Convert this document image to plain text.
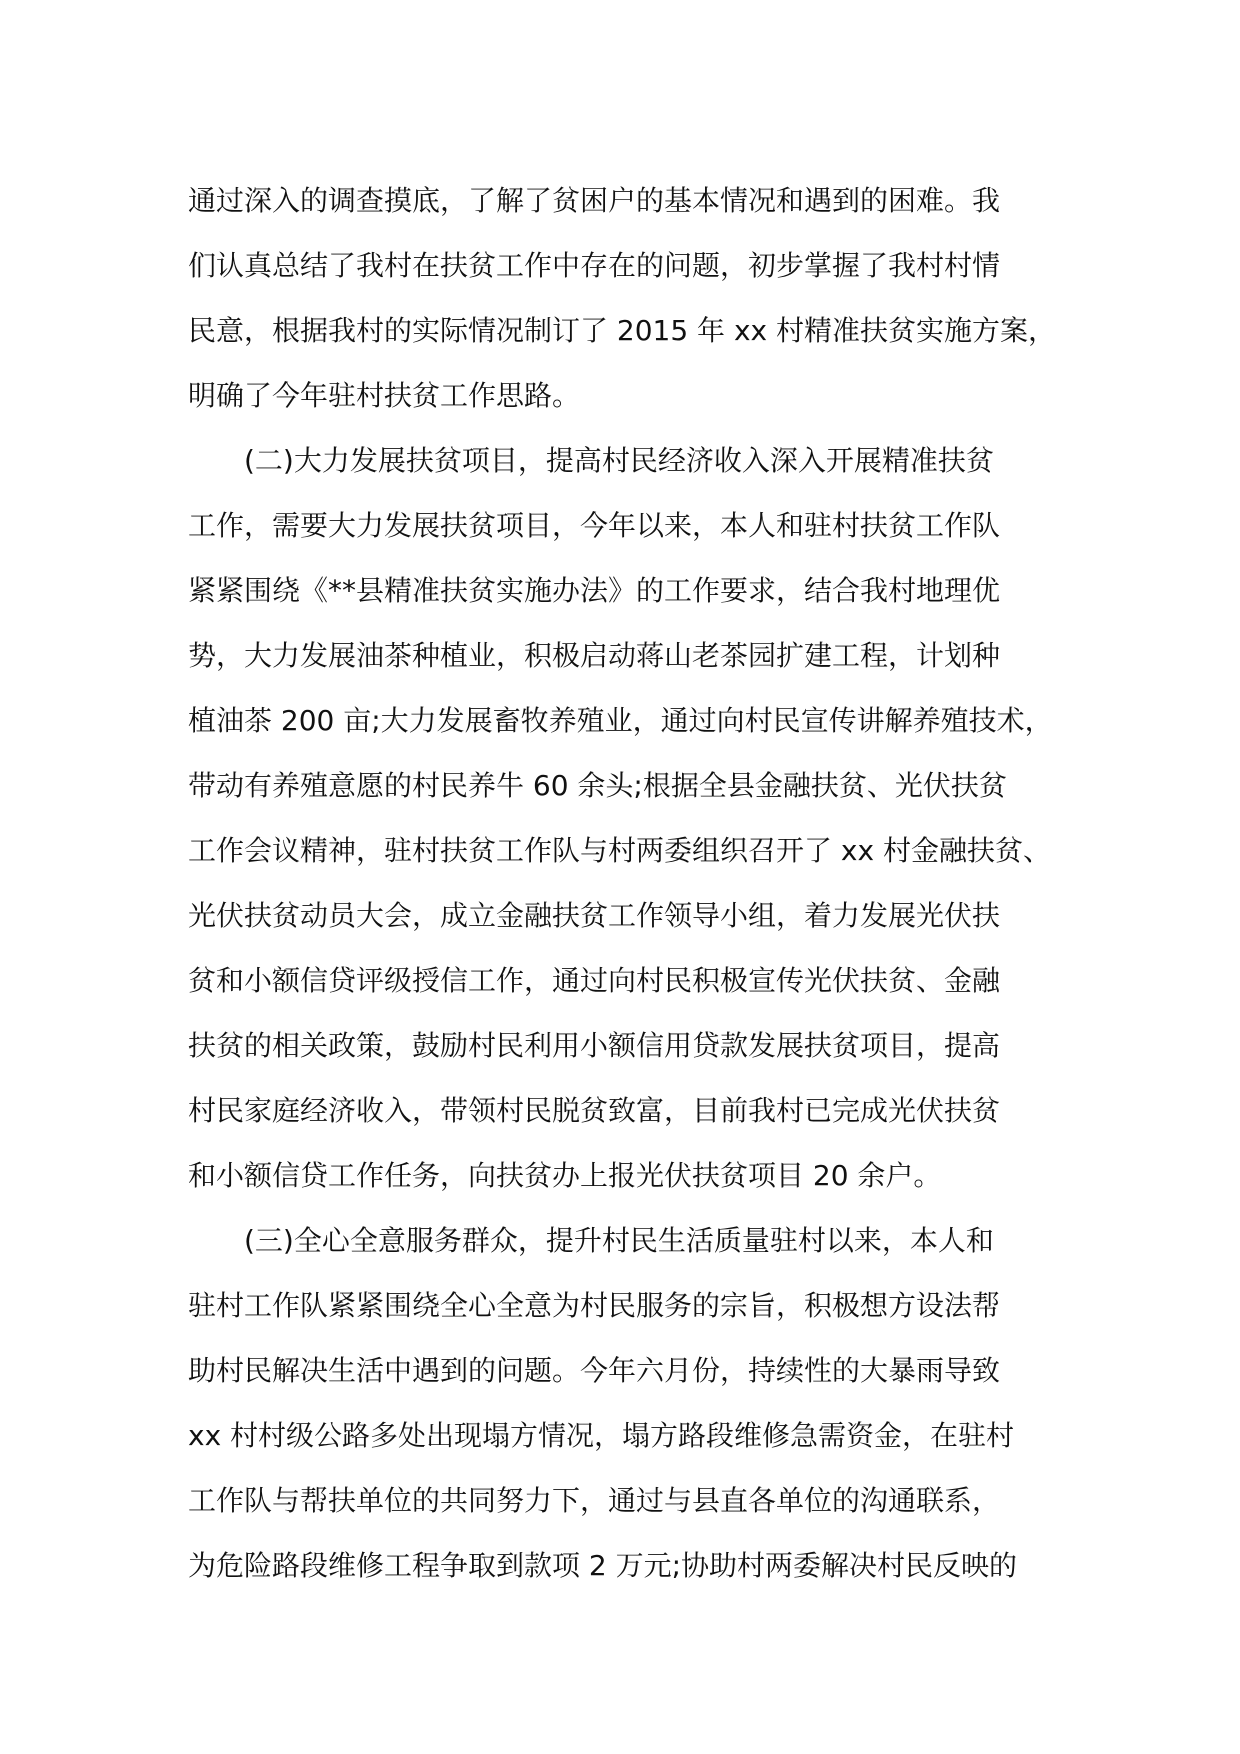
通过深入的调查摸底，了解了贫困户的基本情况和遇到的困难。我
们认真总结了我村在扶贫工作中存在的问题，初步掌握了我村村情
民意，根据我村的实际情况制订了 2015 年 xx 村精准扶贫实施方案，
明确了今年驻村扶贫工作思路。
(二)大力发展扶贫项目，提高村民经济收入深入开展精准扶贫
工作，需要大力发展扶贫项目，今年以来，本人和驻村扶贫工作队
紧紧围绕《**县精准扶贫实施办法》的工作要求，结合我村地理优
势，大力发展油茶种植业，积极启动蒋山老茶园扩建工程，计划种
植油茶 200 亩;大力发展畜牧养殖业，通过向村民宣传讲解养殖技术，
带动有养殖意愿的村民养牛 60 余头;根据全县金融扶贫、光伏扶贫
工作会议精神，驻村扶贫工作队与村两委组织召开了 xx 村金融扶贫、
光伏扶贫动员大会，成立金融扶贫工作领导小组，着力发展光伏扶
贫和小额信贷评级授信工作，通过向村民积极宣传光伏扶贫、金融
扶贫的相关政策，鼓励村民利用小额信用贷款发展扶贫项目，提高
村民家庭经济收入，带领村民脱贫致富，目前我村已完成光伏扶贫
和小额信贷工作任务，向扶贫办上报光伏扶贫项目 20 余户。
(三)全心全意服务群众，提升村民生活质量驻村以来，本人和
驻村工作队紧紧围绕全心全意为村民服务的宗旨，积极想方设法帮
助村民解决生活中遇到的问题。今年六月份，持续性的大暴雨导致
xx 村村级公路多处出现塌方情况，塌方路段维修急需资金，在驻村
工作队与帮扶单位的共同努力下，通过与县直各单位的沟通联系，
为危险路段维修工程争取到款项 2 万元;协助村两委解决村民反映的
